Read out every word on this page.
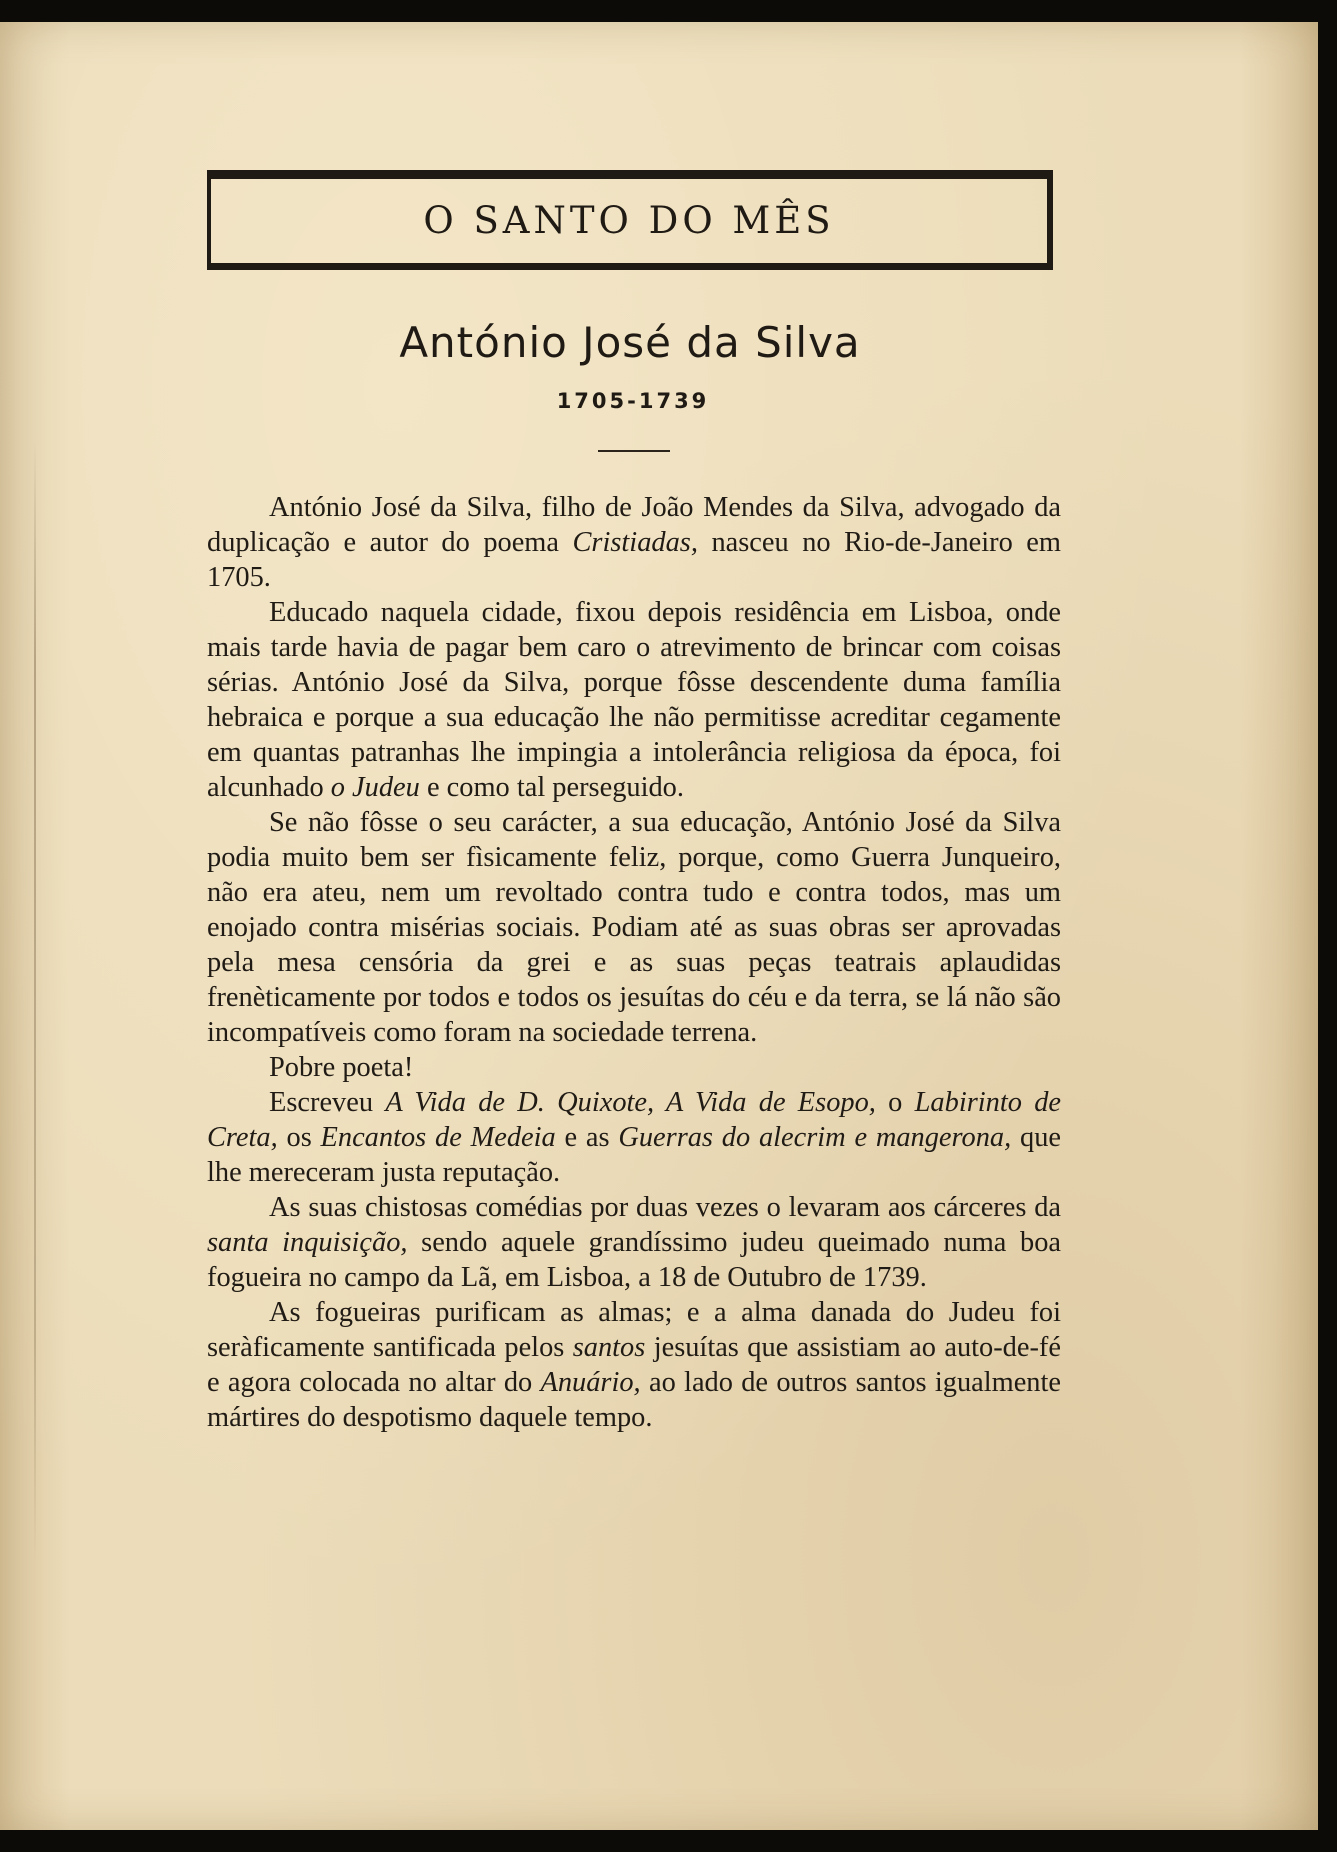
O SANTO DO MÊS
António José da Silva
1705-1739

António José da Silva, filho de João Mendes da Silva, advogado da duplicação e autor do poema Cristiadas, nasceu no Rio-de-Janeiro em 1705.

Educado naquela cidade, fixou depois residência em Lisboa, onde mais tarde havia de pagar bem caro o atrevimento de brincar com coisas sérias. António José da Silva, porque fôsse descendente duma família hebraica e porque a sua educação lhe não permitisse acreditar cegamente em quantas patranhas lhe impingia a intolerância religiosa da época, foi alcunhado o Judeu e como tal perseguido.

Se não fôsse o seu carácter, a sua educação, António José da Silva podia muito bem ser fìsicamente feliz, porque, como Guerra Junqueiro, não era ateu, nem um revoltado contra tudo e contra todos, mas um enojado contra misérias sociais. Podiam até as suas obras ser aprovadas pela mesa censória da grei e as suas peças teatrais aplaudidas frenèticamente por todos e todos os jesuítas do céu e da terra, se lá não são incompatíveis como foram na sociedade terrena.

Pobre poeta!

Escreveu A Vida de D. Quixote, A Vida de Esopo, o Labirinto de Creta, os Encantos de Medeia e as Guerras do alecrim e mangerona, que lhe mereceram justa reputação.

As suas chistosas comédias por duas vezes o levaram aos cárceres da santa inquisição, sendo aquele grandíssimo judeu queimado numa boa fogueira no campo da Lã, em Lisboa, a 18 de Outubro de 1739.

As fogueiras purificam as almas; e a alma danada do Judeu foi seràficamente santificada pelos santos jesuítas que assistiam ao auto-de-fé e agora colocada no altar do Anuário, ao lado de outros santos igualmente mártires do despotismo daquele tempo.
